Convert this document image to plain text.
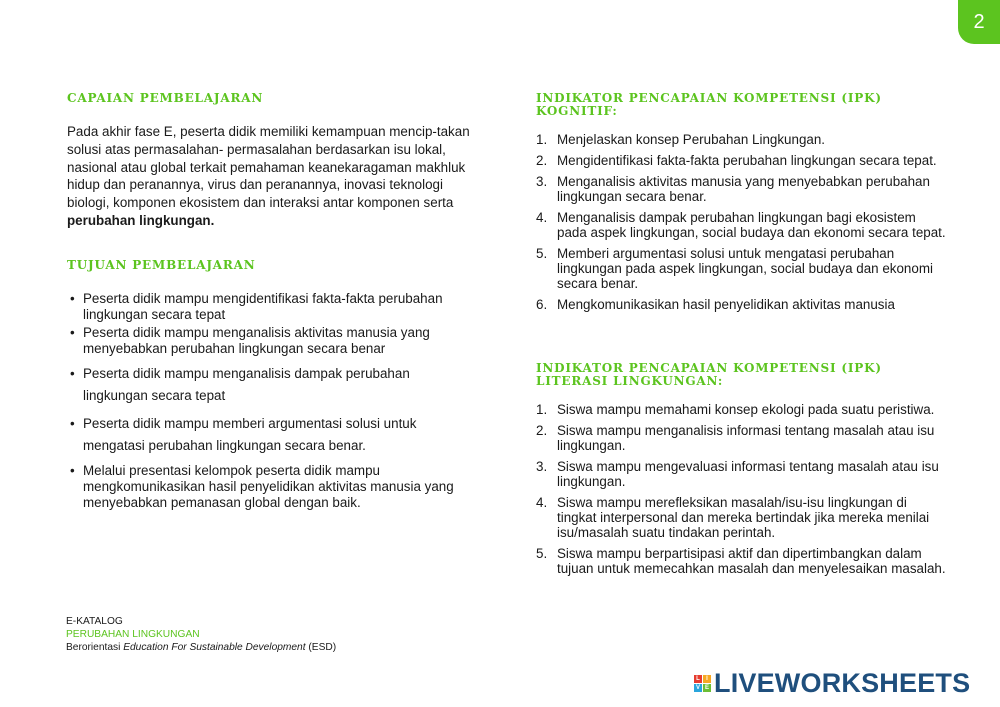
2
CAPAIAN PEMBELAJARAN
Pada akhir fase E, peserta didik memiliki kemampuan mencip-takan solusi atas permasalahan- permasalahan berdasarkan isu lokal, nasional atau global terkait pemahaman keanekaragaman makhluk hidup dan peranannya, virus dan peranannya, inovasi teknologi biologi, komponen ekosistem dan interaksi antar komponen serta perubahan lingkungan.
TUJUAN PEMBELAJARAN
• Peserta didik mampu mengidentifikasi fakta-fakta perubahan lingkungan secara tepat
• Peserta didik mampu menganalisis aktivitas manusia yang menyebabkan perubahan lingkungan secara benar
• Peserta didik mampu menganalisis dampak perubahan lingkungan secara tepat
• Peserta didik mampu memberi argumentasi solusi untuk mengatasi perubahan lingkungan secara benar.
• Melalui presentasi kelompok peserta didik mampu mengkomunikasikan hasil penyelidikan aktivitas manusia yang menyebabkan pemanasan global dengan baik.
INDIKATOR PENCAPAIAN KOMPETENSI (IPK) KOGNITIF:
1. Menjelaskan konsep Perubahan Lingkungan.
2. Mengidentifikasi fakta-fakta perubahan lingkungan secara tepat.
3. Menganalisis aktivitas manusia yang menyebabkan perubahan lingkungan secara benar.
4. Menganalisis dampak perubahan lingkungan bagi ekosistem pada aspek lingkungan, social budaya dan ekonomi secara tepat.
5. Memberi argumentasi solusi untuk mengatasi perubahan lingkungan pada aspek lingkungan, social budaya dan ekonomi secara benar.
6. Mengkomunikasikan hasil penyelidikan aktivitas manusia
INDIKATOR PENCAPAIAN KOMPETENSI (IPK) LITERASI LINGKUNGAN:
1. Siswa mampu memahami konsep ekologi pada suatu peristiwa.
2. Siswa mampu menganalisis informasi tentang masalah atau isu lingkungan.
3. Siswa mampu mengevaluasi informasi tentang masalah atau isu lingkungan.
4. Siswa mampu merefleksikan masalah/isu-isu lingkungan di tingkat interpersonal dan mereka bertindak jika mereka menilai isu/masalah suatu tindakan perintah.
5. Siswa mampu berpartisipasi aktif dan dipertimbangkan dalam tujuan untuk memecahkan masalah dan menyelesaikan masalah.
E-KATALOG
PERUBAHAN LINGKUNGAN
Berorientasi Education For Sustainable Development (ESD)
L	I
V E LIVEWORKSHEETS
